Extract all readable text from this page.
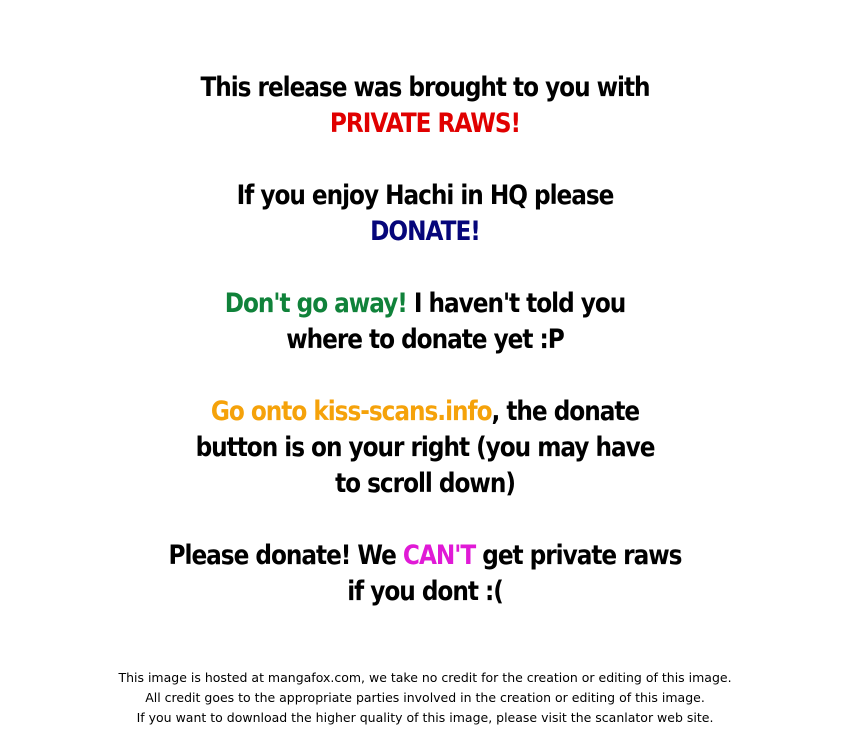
This release was brought to you with
PRIVATE RAWS!
If you enjoy Hachi in HQ please
DONATE!
Don't go away! I haven't told you
where to donate yet :P
Go onto kiss-scans.info, the donate
button is on your right (you may have
to scroll down)
Please donate! We CAN'T get private raws
if you dont :(
This image is hosted at mangafox.com, we take no credit for the creation or editing of this image.
All credit goes to the appropriate parties involved in the creation or editing of this image.
If you want to download the higher quality of this image, please visit the scanlator web site.
